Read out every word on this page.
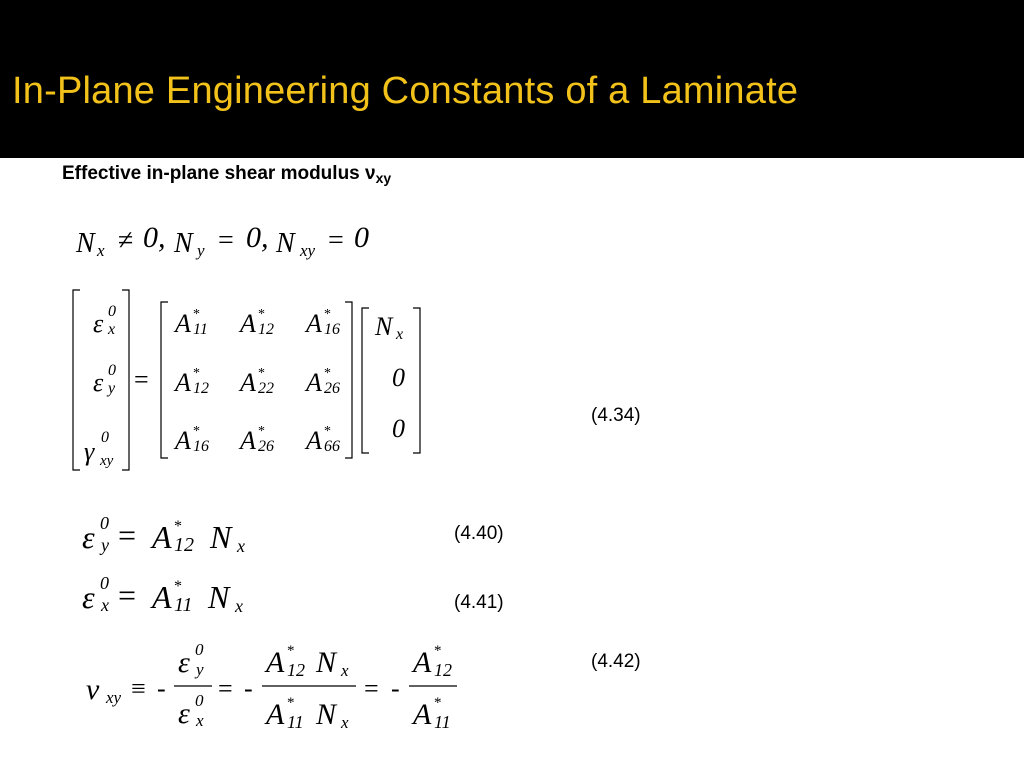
In-Plane Engineering Constants of a Laminate
Effective in-plane shear modulus $\nu_{xy}$
N x ≠ 0, N y = 0, N xy = 0
ε 0
x
ε 0
y
γ 0
xy
=
A *
11 A *
12 A *
16
A *
12 A *
22 A *
26
A *
16 A *
26 A *
66
N x
0
0
ε 0
y = A *
12 N x
ε 0
x = A *
11 N x
ν xy ≡ -
ε 0
y
ε 0
x
= -
A *
12 N x
A *
11 N x
= -
A *
12
A *
11
(4.34)
(4.40)
(4.41)
(4.42)
